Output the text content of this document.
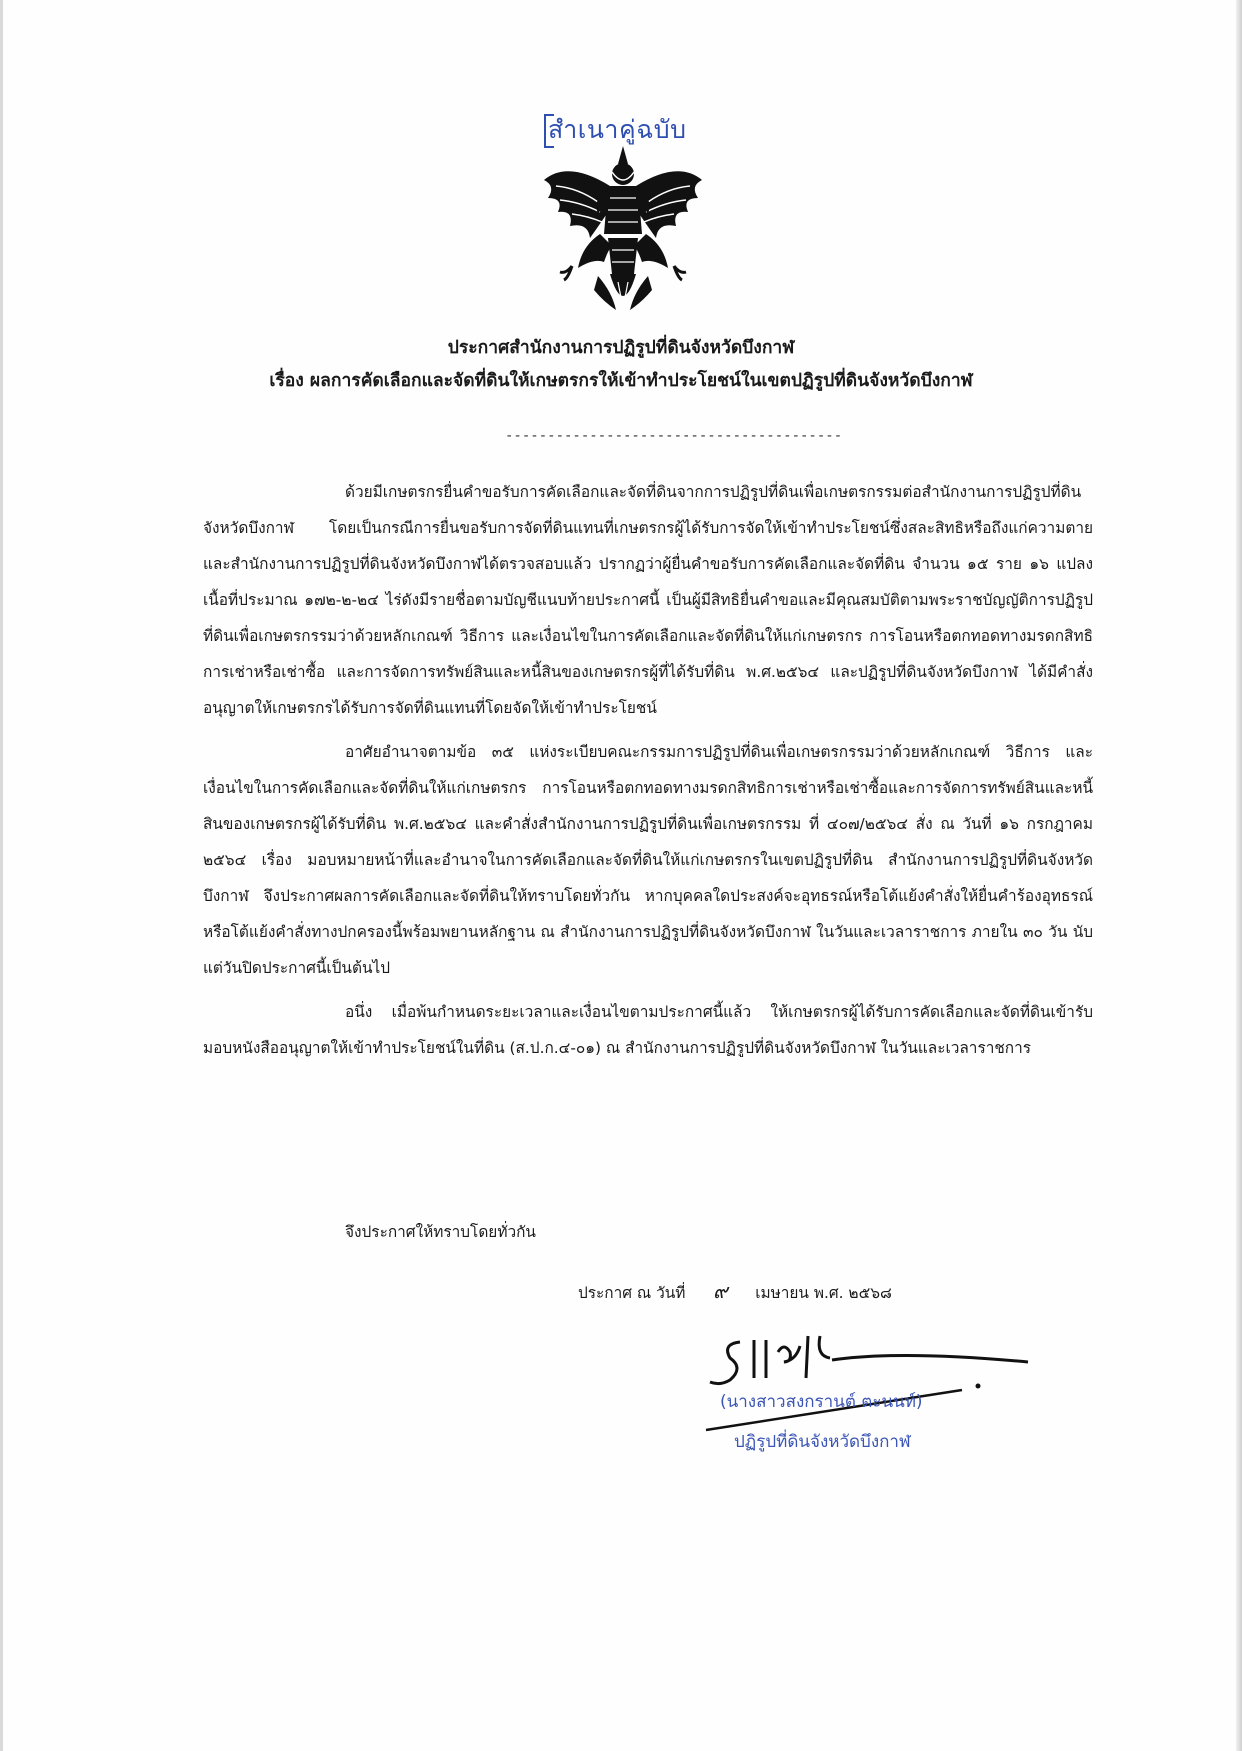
สำเนาคู่ฉบับ
ประกาศสำนักงานการปฏิรูปที่ดินจังหวัดบึงกาฬ
เรื่อง ผลการคัดเลือกและจัดที่ดินให้เกษตรกรให้เข้าทำประโยชน์ในเขตปฏิรูปที่ดินจังหวัดบึงกาฬ
----------------------------------------

ด้วยมีเกษตรกรยื่นคำขอรับการคัดเลือกและจัดที่ดินจากการปฏิรูปที่ดินเพื่อเกษตรกรรมต่อสำนักงานการปฏิรูปที่ดินจังหวัดบึงกาฬ โดยเป็นกรณีการยื่นขอรับการจัดที่ดินแทนที่เกษตรกรผู้ได้รับการจัดให้เข้าทำประโยชน์ซึ่งสละสิทธิหรือถึงแก่ความตาย และสำนักงานการปฏิรูปที่ดินจังหวัดบึงกาฬได้ตรวจสอบแล้ว ปรากฏว่าผู้ยื่นคำขอรับการคัดเลือกและจัดที่ดิน จำนวน ๑๕ ราย ๑๖ แปลง เนื้อที่ประมาณ ๑๗๒-๒-๒๔ ไร่ดังมีรายชื่อตามบัญชีแนบท้ายประกาศนี้ เป็นผู้มีสิทธิยื่นคำขอและมีคุณสมบัติตามพระราชบัญญัติการปฏิรูปที่ดินเพื่อเกษตรกรรมว่าด้วยหลักเกณฑ์ วิธีการ และเงื่อนไขในการคัดเลือกและจัดที่ดินให้แก่เกษตรกร การโอนหรือตกทอดทางมรดกสิทธิการเช่าหรือเช่าซื้อ และการจัดการทรัพย์สินและหนี้สินของเกษตรกรผู้ที่ได้รับที่ดิน พ.ศ.๒๕๖๔ และปฏิรูปที่ดินจังหวัดบึงกาฬ ได้มีคำสั่งอนุญาตให้เกษตรกรได้รับการจัดที่ดินแทนที่โดยจัดให้เข้าทำประโยชน์

อาศัยอำนาจตามข้อ ๓๕ แห่งระเบียบคณะกรรมการปฏิรูปที่ดินเพื่อเกษตรกรรมว่าด้วยหลักเกณฑ์ วิธีการ และเงื่อนไขในการคัดเลือกและจัดที่ดินให้แก่เกษตรกร การโอนหรือตกทอดทางมรดกสิทธิการเช่าหรือเช่าซื้อและการจัดการทรัพย์สินและหนี้สินของเกษตรกรผู้ได้รับที่ดิน พ.ศ.๒๕๖๔ และคำสั่งสำนักงานการปฏิรูปที่ดินเพื่อเกษตรกรรม ที่ ๔๐๗/๒๕๖๔ สั่ง ณ วันที่ ๑๖ กรกฎาคม ๒๕๖๔ เรื่อง มอบหมายหน้าที่และอำนาจในการคัดเลือกและจัดที่ดินให้แก่เกษตรกรในเขตปฏิรูปที่ดิน สำนักงานการปฏิรูปที่ดินจังหวัดบึงกาฬ จึงประกาศผลการคัดเลือกและจัดที่ดินให้ทราบโดยทั่วกัน หากบุคคลใดประสงค์จะอุทธรณ์หรือโต้แย้งคำสั่งให้ยื่นคำร้องอุทธรณ์หรือโต้แย้งคำสั่งทางปกครองนี้พร้อมพยานหลักฐาน ณ สำนักงานการปฏิรูปที่ดินจังหวัดบึงกาฬ ในวันและเวลาราชการ ภายใน ๓๐ วัน นับแต่วันปิดประกาศนี้เป็นต้นไป

อนึ่ง เมื่อพ้นกำหนดระยะเวลาและเงื่อนไขตามประกาศนี้แล้ว ให้เกษตรกรผู้ได้รับการคัดเลือกและจัดที่ดินเข้ารับมอบหนังสืออนุญาตให้เข้าทำประโยชน์ในที่ดิน (ส.ป.ก.๔-๐๑) ณ สำนักงานการปฏิรูปที่ดินจังหวัดบึงกาฬ ในวันและเวลาราชการ

จึงประกาศให้ทราบโดยทั่วกัน
ประกาศ ณ วันที่ ๙ เมษายน พ.ศ. ๒๕๖๘
(นางสาวสงกรานต์ ตะนนท์)
ปฏิรูปที่ดินจังหวัดบึงกาฬ
